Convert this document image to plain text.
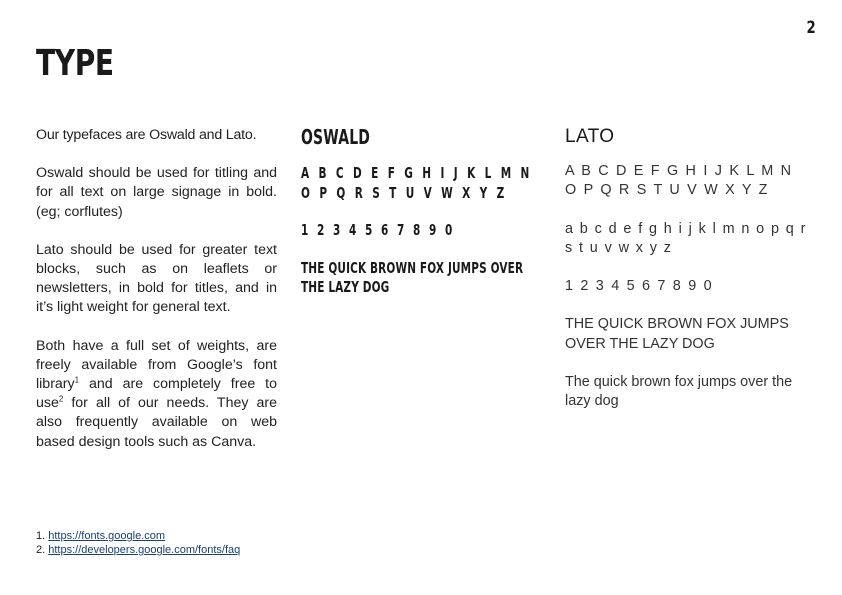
2
TYPE

Our typefaces are Oswald and Lato.

Oswald should be used for titling and for all text on large signage in bold. (eg; corflutes)

Lato should be used for greater text blocks, such as on leaflets or newsletters, in bold for titles, and in it’s light weight for general text.

Both have a full set of weights, are freely available from Google’s font library$^1$ and are completely free to use$^2$ for all of our needs. They are also frequently available on web based design tools such as Canva.

OSWALD
A B C D E F G H I J K L M N O P Q R S T U V W X Y Z
1 2 3 4 5 6 7 8 9 0
THE QUICK BROWN FOX JUMPS OVER THE LAZY DOG
LATO
A B C D E F G H I J K L M N O P Q R S T U V W X Y Z
a b c d e f g h i j k l m n o p q r s t u v w x y z
1 2 3 4 5 6 7 8 9 0
THE QUICK BROWN FOX JUMPS OVER THE LAZY DOG
The quick brown fox jumps over the lazy dog
1. https://fonts.google.com
2. https://developers.google.com/fonts/faq
